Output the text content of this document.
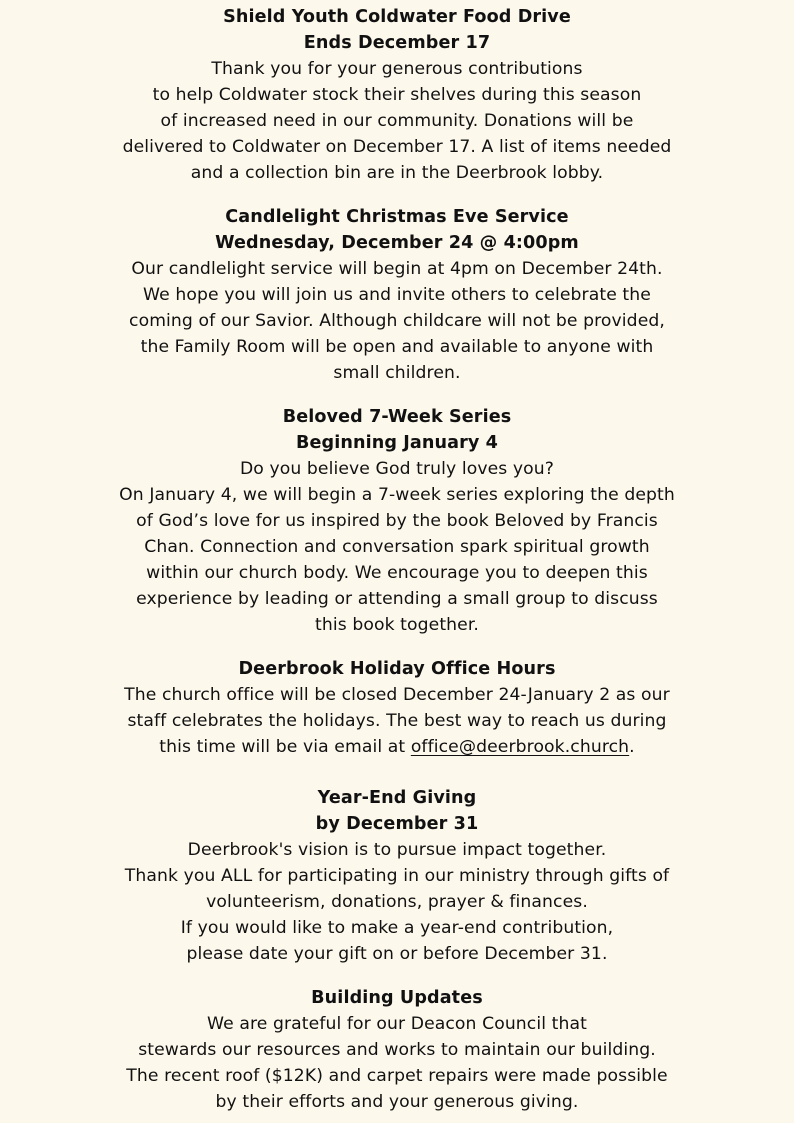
Shield Youth Coldwater Food Drive
Ends December 17
Thank you for your generous contributions
to help Coldwater stock their shelves during this season
of increased need in our community. Donations will be
delivered to Coldwater on December 17. A list of items needed
and a collection bin are in the Deerbrook lobby.
Candlelight Christmas Eve Service
Wednesday, December 24 @ 4:00pm
Our candlelight service will begin at 4pm on December 24th.
We hope you will join us and invite others to celebrate the
coming of our Savior. Although childcare will not be provided,
the Family Room will be open and available to anyone with
small children.
Beloved 7-Week Series
Beginning January 4
Do you believe God truly loves you?
On January 4, we will begin a 7-week series exploring the depth
of God’s love for us inspired by the book Beloved by Francis
Chan. Connection and conversation spark spiritual growth
within our church body. We encourage you to deepen this
experience by leading or attending a small group to discuss
this book together.
Deerbrook Holiday Office Hours
The church office will be closed December 24-January 2 as our
staff celebrates the holidays. The best way to reach us during
this time will be via email at office@deerbrook.church.
Year-End Giving
by December 31
Deerbrook's vision is to pursue impact together.
Thank you ALL for participating in our ministry through gifts of
volunteerism, donations, prayer & finances.
If you would like to make a year-end contribution,
please date your gift on or before December 31.
Building Updates
We are grateful for our Deacon Council that
stewards our resources and works to maintain our building.
The recent roof ($12K) and carpet repairs were made possible
by their efforts and your generous giving.
